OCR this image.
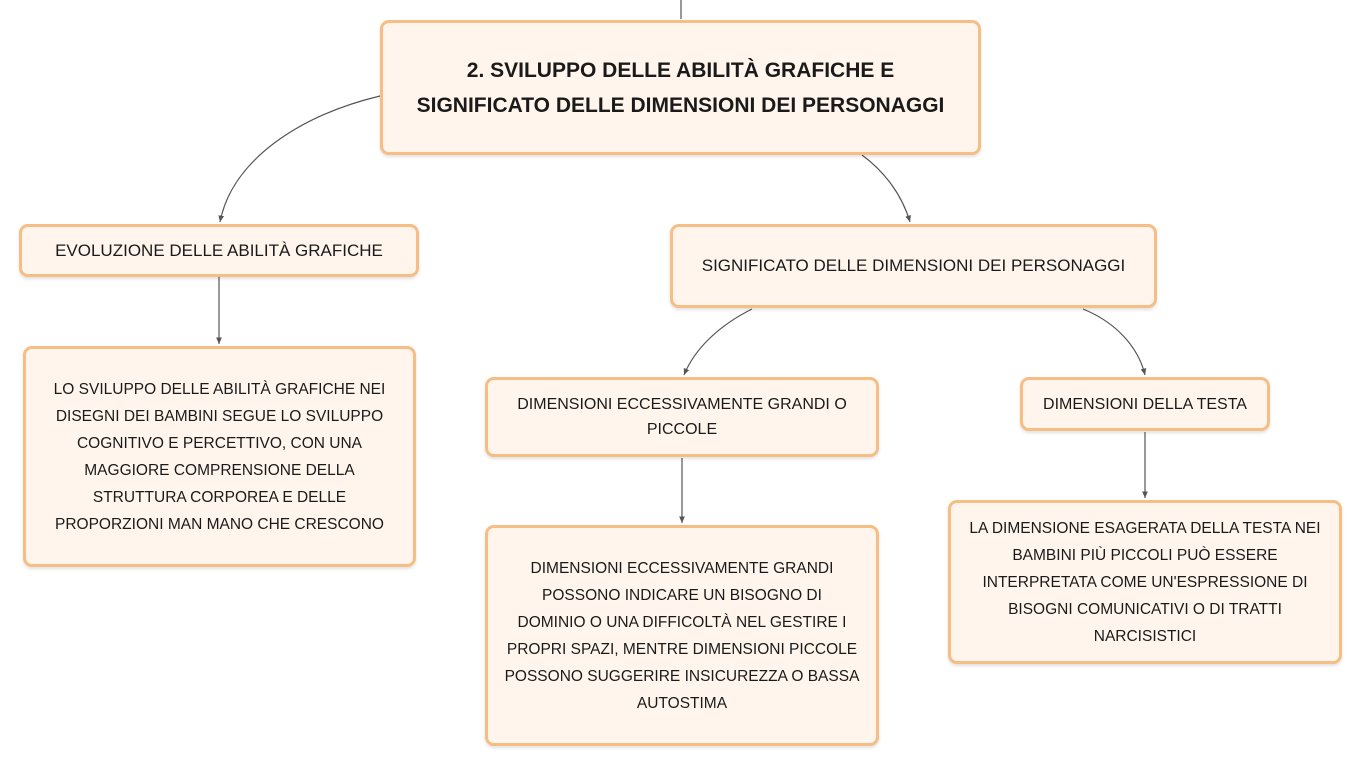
2. SVILUPPO DELLE ABILITÀ GRAFICHE E
SIGNIFICATO DELLE DIMENSIONI DEI PERSONAGGI
EVOLUZIONE DELLE ABILITÀ GRAFICHE
SIGNIFICATO DELLE DIMENSIONI DEI PERSONAGGI
DIMENSIONI ECCESSIVAMENTE GRANDI O
PICCOLE
DIMENSIONI DELLA TESTA
LO SVILUPPO DELLE ABILITÀ GRAFICHE NEI
DISEGNI DEI BAMBINI SEGUE LO SVILUPPO
COGNITIVO E PERCETTIVO, CON UNA
MAGGIORE COMPRENSIONE DELLA
STRUTTURA CORPOREA E DELLE
PROPORZIONI MAN MANO CHE CRESCONO
DIMENSIONI ECCESSIVAMENTE GRANDI
POSSONO INDICARE UN BISOGNO DI
DOMINIO O UNA DIFFICOLTÀ NEL GESTIRE I
PROPRI SPAZI, MENTRE DIMENSIONI PICCOLE
POSSONO SUGGERIRE INSICUREZZA O BASSA
AUTOSTIMA
LA DIMENSIONE ESAGERATA DELLA TESTA NEI
BAMBINI PIÙ PICCOLI PUÒ ESSERE
INTERPRETATA COME UN'ESPRESSIONE DI
BISOGNI COMUNICATIVI O DI TRATTI
NARCISISTICI
